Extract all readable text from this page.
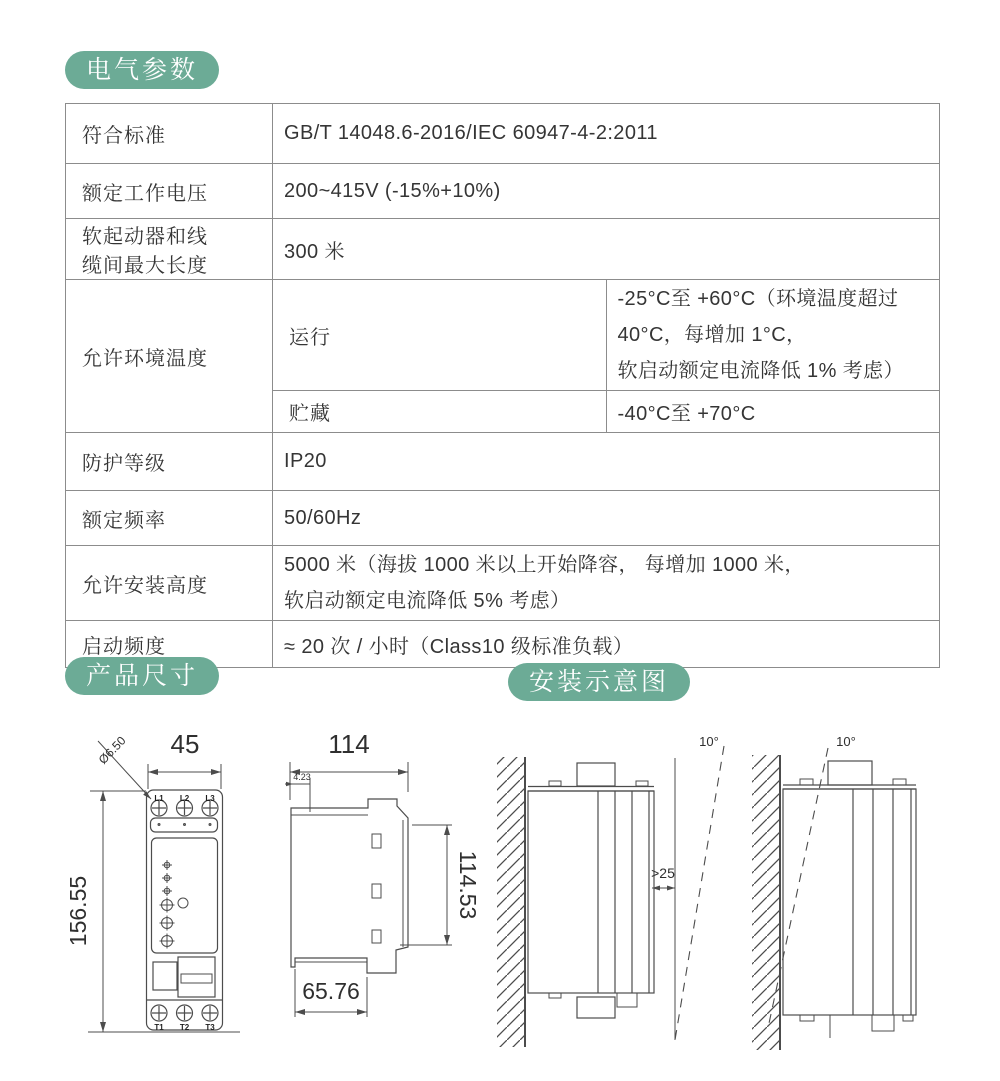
电气参数
符合标准	GB/T 14048.6-2016/IEC 60947-4-2:2011	
额定工作电压	200~415V (-15%+10%)	

软起动器和线
缆间最大长度	300 米	
允许环境温度	运行	-25°C至 +60°C（环境温度超过 40°C，每增加 1°C，
软启动额定电流降低 1% 考虑）

	贮藏	-40°C至 +70°C
防护等级	IP20	
额定频率	50/60Hz	
允许安装高度	5000 米（海拔 1000 米以上开始降容， 每增加 1000 米，
软启动额定电流降低 5% 考虑）	

启动频度	≈ 20 次 / 小时（Class10 级标准负载）	
产品尺寸	安装示意图
45
Ø6.50
156.55
L1 L2 L3
T1 T2 T3
114
4.23
114.53
65.76
>25
10°	10°
